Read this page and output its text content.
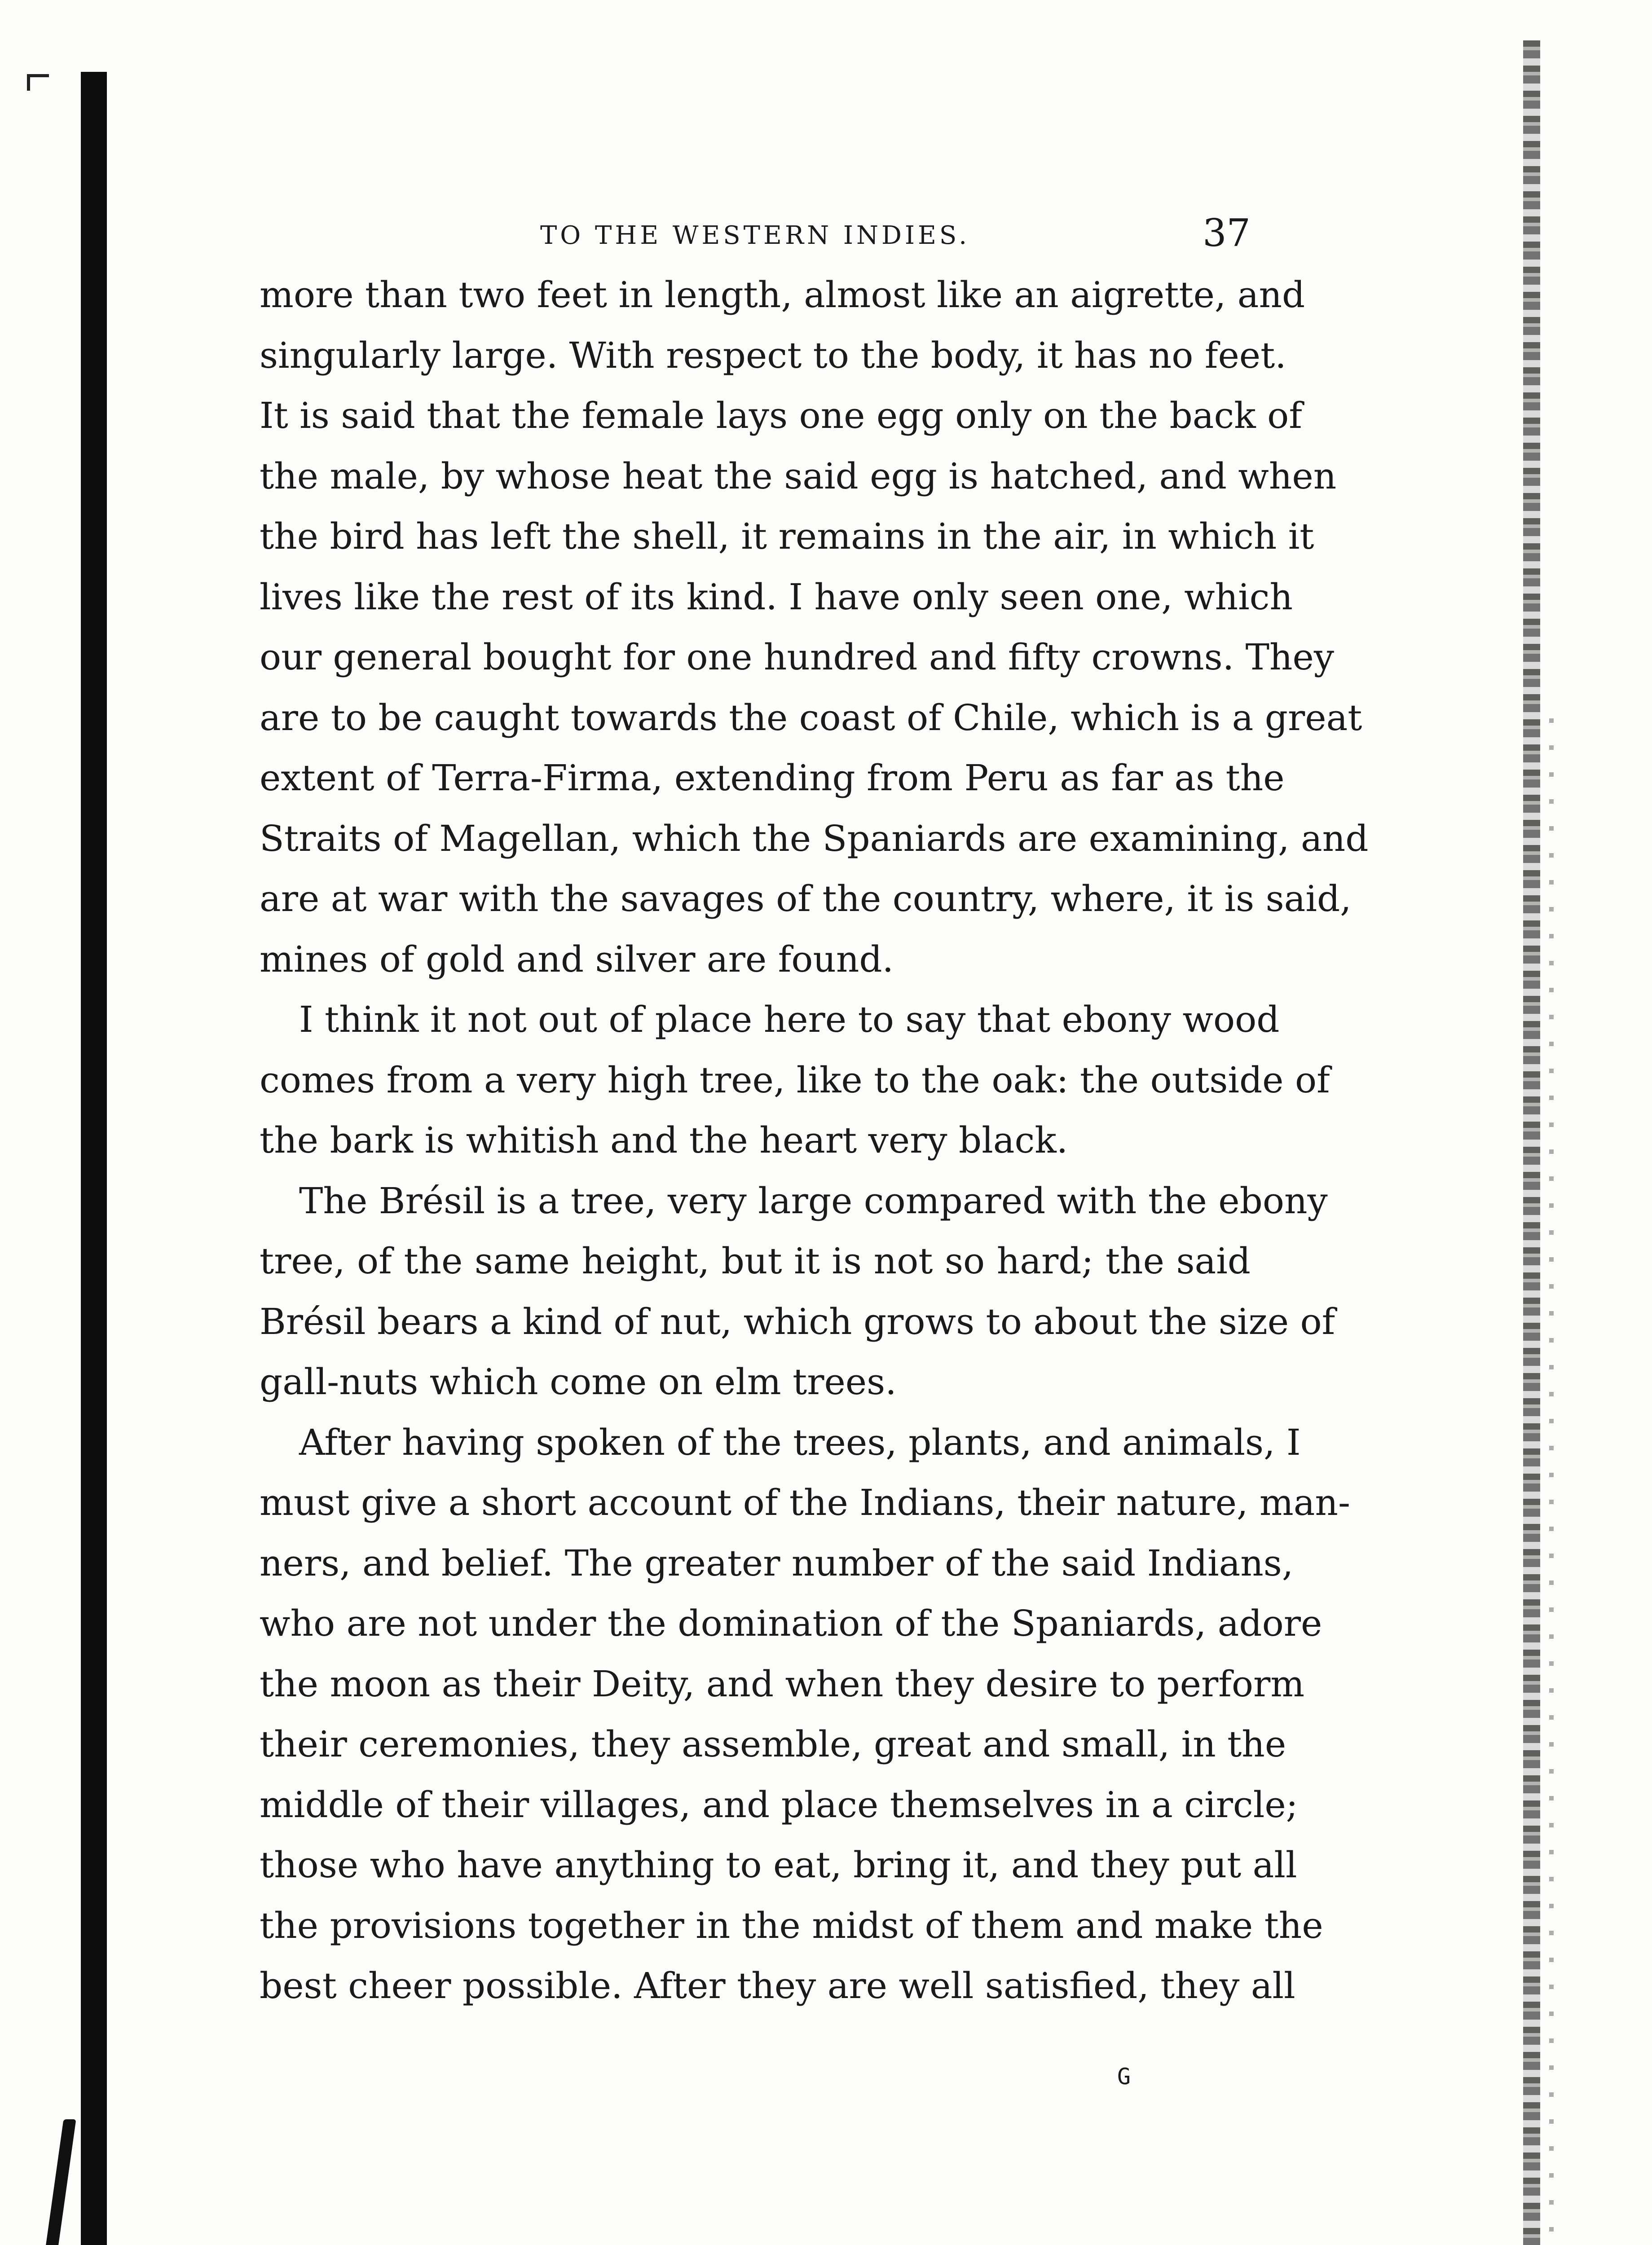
TO THE WESTERN INDIES.	37

more than two feet in length, almost like an aigrette, and
singularly large. With respect to the body, it has no feet.
It is said that the female lays one egg only on the back of
the male, by whose heat the said egg is hatched, and when
the bird has left the shell, it remains in the air, in which it
lives like the rest of its kind. I have only seen one, which
our general bought for one hundred and fifty crowns. They
are to be caught towards the coast of Chile, which is a great
extent of Terra-Firma, extending from Peru as far as the
Straits of Magellan, which the Spaniards are examining, and
are at war with the savages of the country, where, it is said,
mines of gold and silver are found.

I think it not out of place here to say that ebony wood
comes from a very high tree, like to the oak: the outside of
the bark is whitish and the heart very black.

The Brésil is a tree, very large compared with the ebony
tree, of the same height, but it is not so hard; the said
Brésil bears a kind of nut, which grows to about the size of
gall-nuts which come on elm trees.

After having spoken of the trees, plants, and animals, I
must give a short account of the Indians, their nature, man-
ners, and belief. The greater number of the said Indians,
who are not under the domination of the Spaniards, adore
the moon as their Deity, and when they desire to perform
their ceremonies, they assemble, great and small, in the
middle of their villages, and place themselves in a circle;
those who have anything to eat, bring it, and they put all
the provisions together in the midst of them and make the
best cheer possible. After they are well satisfied, they all

G
